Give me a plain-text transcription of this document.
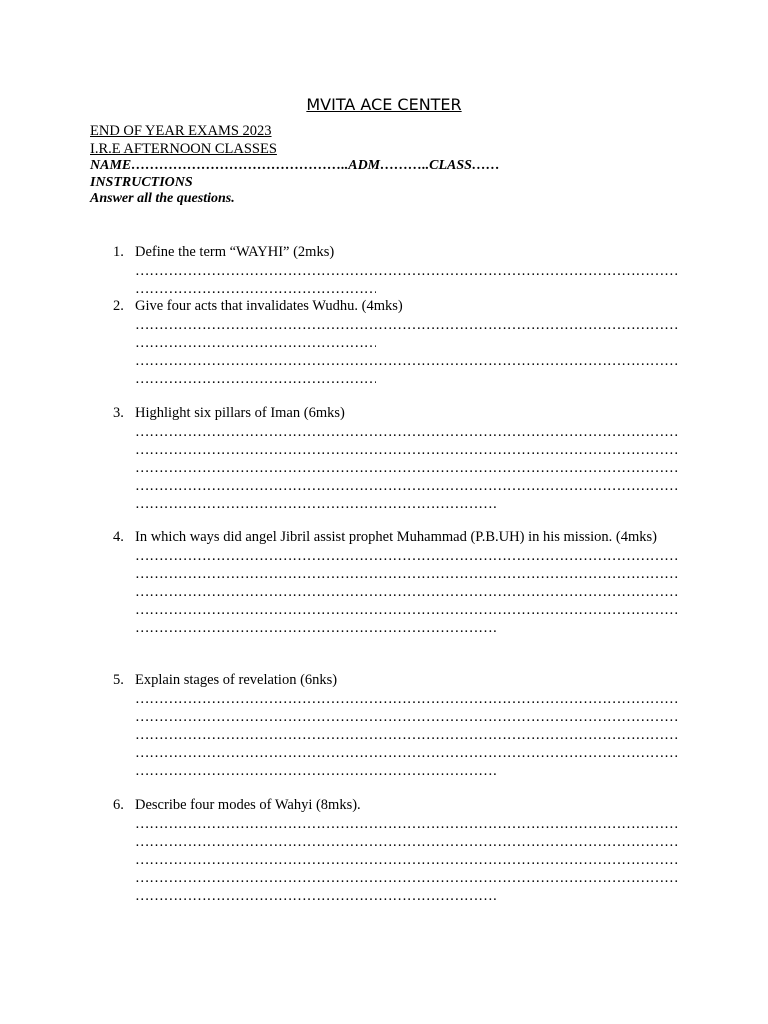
MVITA ACE CENTER
END OF YEAR EXAMS 2023
I.R.E AFTERNOON CLASSES
NAME………………………………………..ADM………..CLASS……
INSTRUCTIONS
Answer all the questions.
1. Define the term “WAYHI” (2mks)
……………………………………………………………………………………………………………………………………
……………………………………………………………………………
2. Give four acts that invalidates Wudhu. (4mks)
……………………………………………………………………………………………………………………………………
……………………………………………………………………………
……………………………………………………………………………………………………………………………………
……………………………………………………………………………
3. Highlight six pillars of Iman (6mks)
……………………………………………………………………………………………………………………………………
……………………………………………………………………………………………………………………………………
……………………………………………………………………………………………………………………………………
……………………………………………………………………………………………………………………………………
…………………………………………………………………………………………………………
4. In which ways did angel Jibril assist prophet Muhammad (P.B.UH) in his mission. (4mks)
……………………………………………………………………………………………………………………………………
……………………………………………………………………………………………………………………………………
……………………………………………………………………………………………………………………………………
……………………………………………………………………………………………………………………………………
…………………………………………………………………………………………………………
5. Explain stages of revelation (6nks)
……………………………………………………………………………………………………………………………………
……………………………………………………………………………………………………………………………………
……………………………………………………………………………………………………………………………………
……………………………………………………………………………………………………………………………………
…………………………………………………………………………………………………………
6. Describe four modes of Wahyi (8mks).
……………………………………………………………………………………………………………………………………
……………………………………………………………………………………………………………………………………
……………………………………………………………………………………………………………………………………
……………………………………………………………………………………………………………………………………
…………………………………………………………………………………………………………
